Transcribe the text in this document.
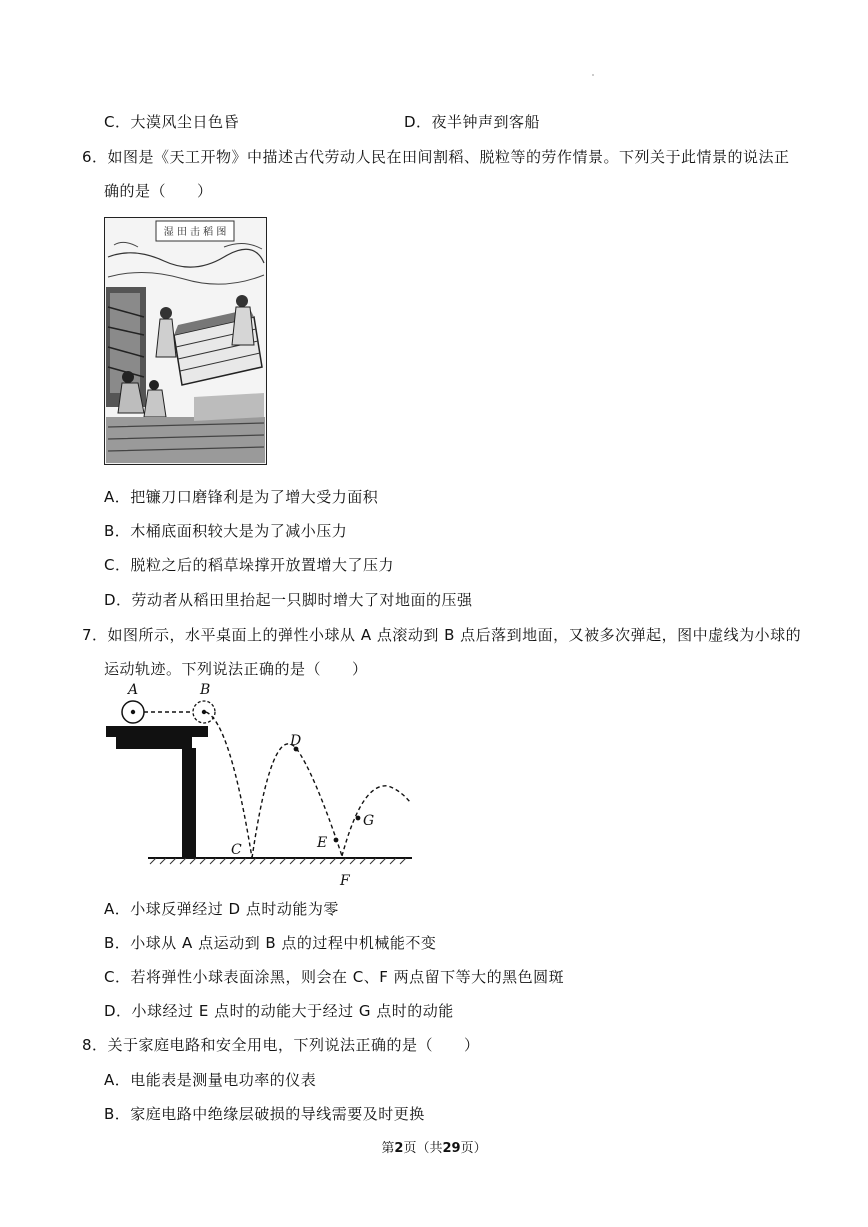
C．大漠风尘日色昏	D．夜半钟声到客船
6．如图是《天工开物》中描述古代劳动人民在田间割稻、脱粒等的劳作情景。下列关于此情景的说法正
确的是（　　）
湿 田 击 稻 图
A．把镰刀口磨锋利是为了增大受力面积
B．木桶底面积较大是为了减小压力
C．脱粒之后的稻草垛撑开放置增大了压力
D．劳动者从稻田里抬起一只脚时增大了对地面的压强
7．如图所示，水平桌面上的弹性小球从 A 点滚动到 B 点后落到地面，又被多次弹起，图中虚线为小球的
运动轨迹。下列说法正确的是（　　）
A	B
C
D
E
F
G
A．小球反弹经过 D 点时动能为零
B．小球从 A 点运动到 B 点的过程中机械能不变
C．若将弹性小球表面涂黑，则会在 C、F 两点留下等大的黑色圆斑
D．小球经过 E 点时的动能大于经过 G 点时的动能
8．关于家庭电路和安全用电，下列说法正确的是（　　）
A．电能表是测量电功率的仪表
B．家庭电路中绝缘层破损的导线需要及时更换
第2页（共29页）
